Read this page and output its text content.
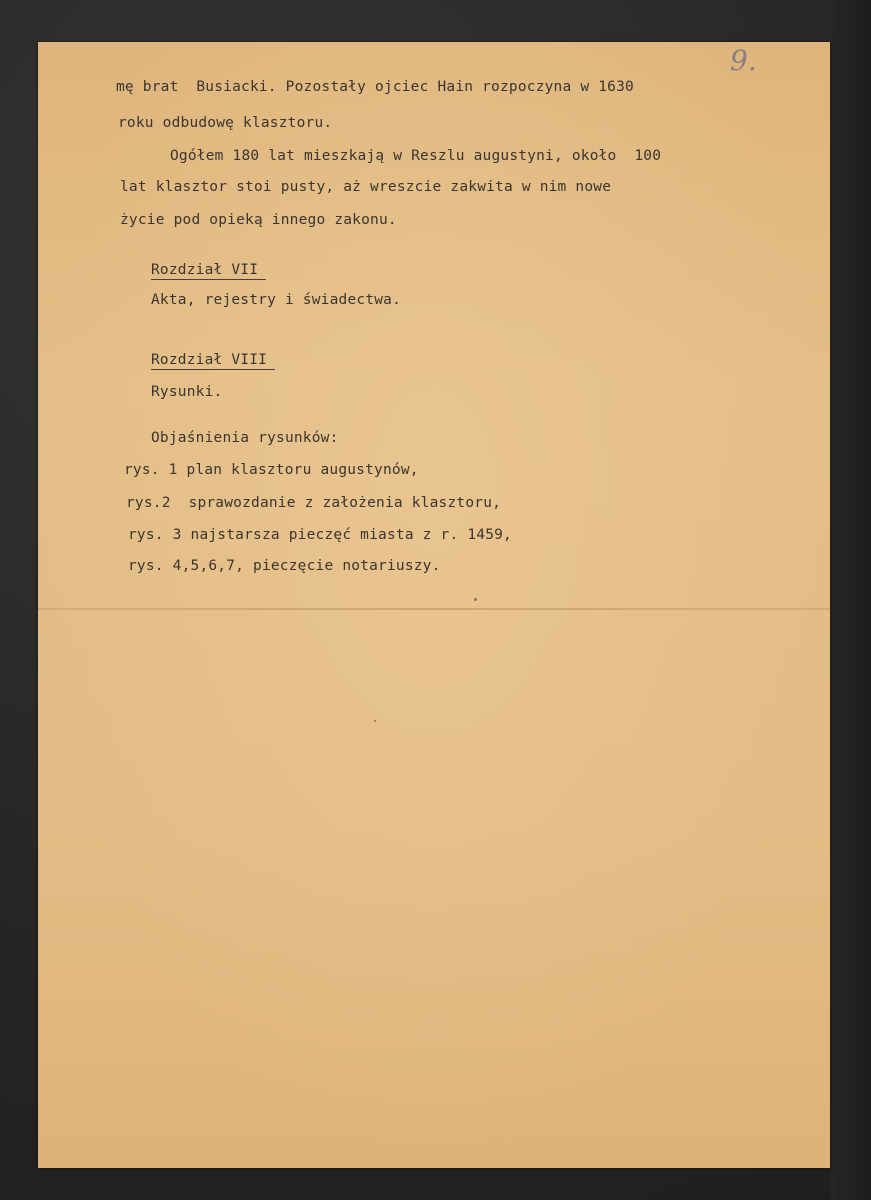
9.
mę brat  Busiacki. Pozostały ojciec Hain rozpoczyna w 1630
roku odbudowę klasztoru.
Ogółem 180 lat mieszkają w Reszlu augustyni, około  100
lat klasztor stoi pusty, aż wreszcie zakwita w nim nowe
życie pod opieką innego zakonu.
Rozdział VII
Akta, rejestry i świadectwa.
Rozdział VIII
Rysunki.
Objaśnienia rysunków:
rys. 1 plan klasztoru augustynów,
rys.2  sprawozdanie z założenia klasztoru,
rys. 3 najstarsza pieczęć miasta z r. 1459,
rys. 4,5,6,7, pieczęcie notariuszy.
